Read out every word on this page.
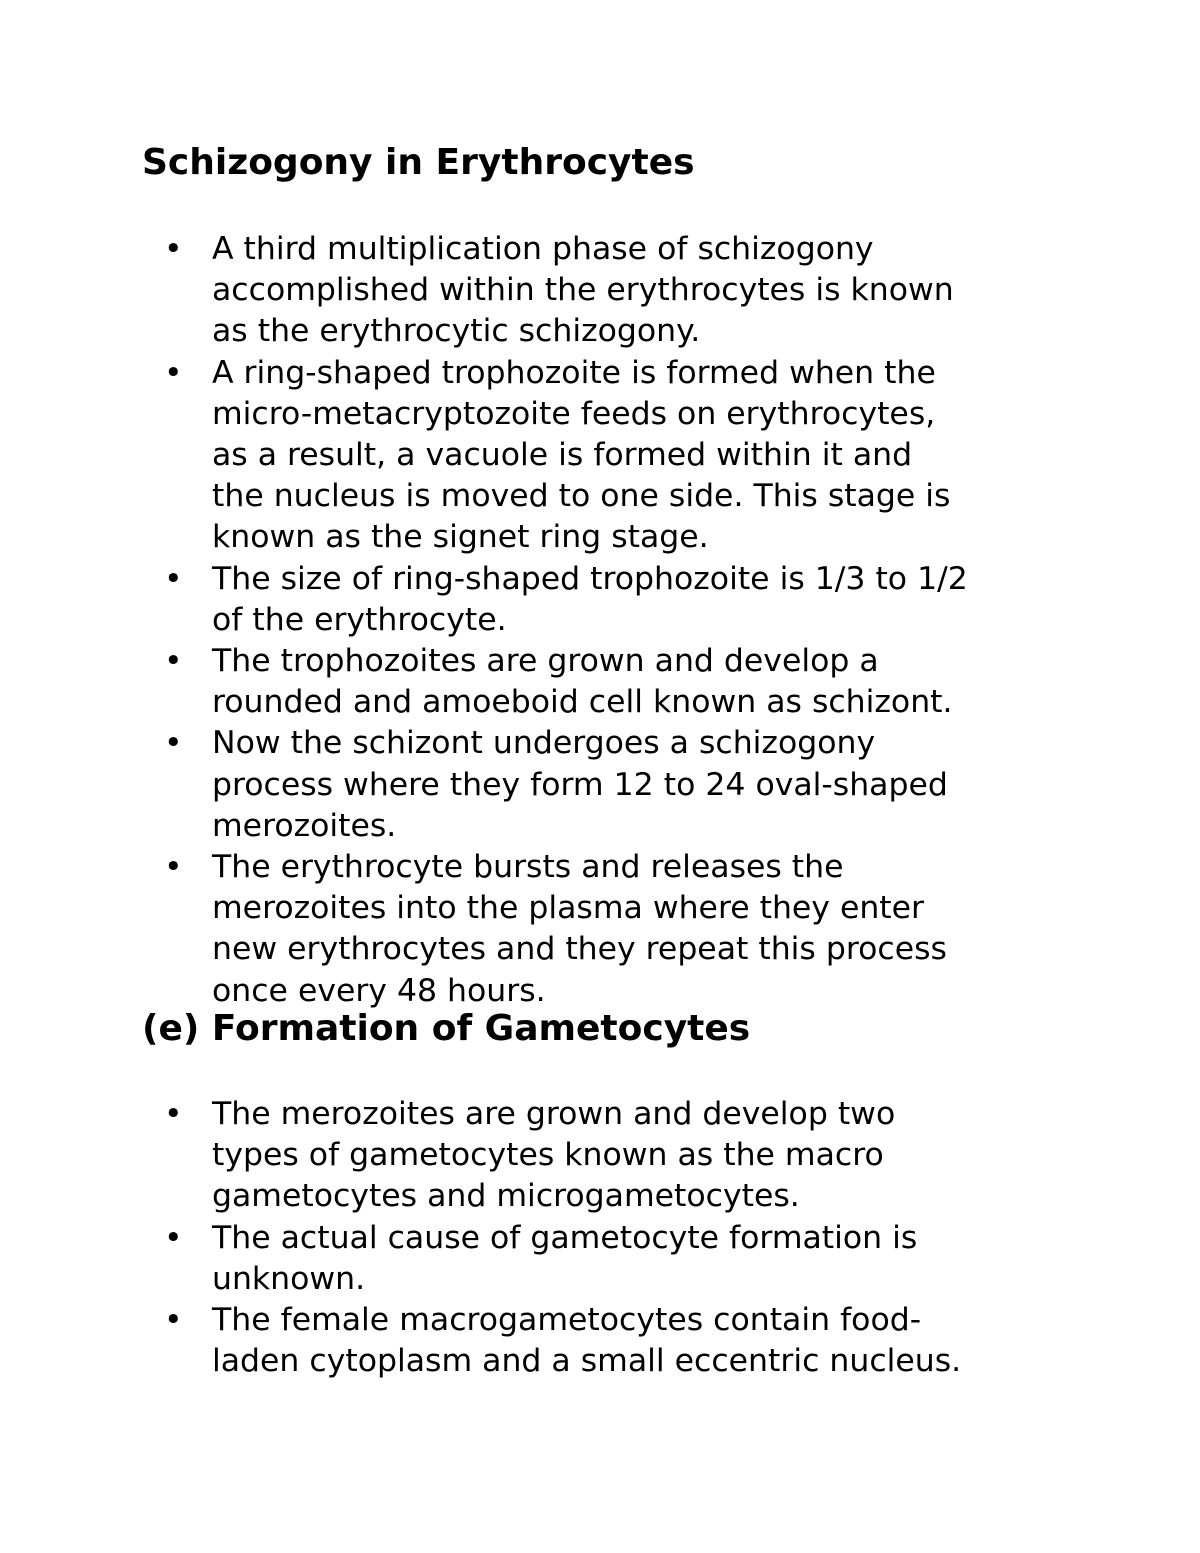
Schizogony in Erythrocytes
• A third multiplication phase of schizogony
accomplished within the erythrocytes is known
as the erythrocytic schizogony.
• A ring-shaped trophozoite is formed when the
micro-metacryptozoite feeds on erythrocytes,
as a result, a vacuole is formed within it and
the nucleus is moved to one side. This stage is
known as the signet ring stage.
• The size of ring-shaped trophozoite is 1/3 to 1/2
of the erythrocyte.
• The trophozoites are grown and develop a
rounded and amoeboid cell known as schizont.
• Now the schizont undergoes a schizogony
process where they form 12 to 24 oval-shaped
merozoites.
• The erythrocyte bursts and releases the
merozoites into the plasma where they enter
new erythrocytes and they repeat this process
once every 48 hours.
(e) Formation of Gametocytes
• The merozoites are grown and develop two
types of gametocytes known as the macro
gametocytes and microgametocytes.
• The actual cause of gametocyte formation is
unknown.
• The female macrogametocytes contain food-
laden cytoplasm and a small eccentric nucleus.
